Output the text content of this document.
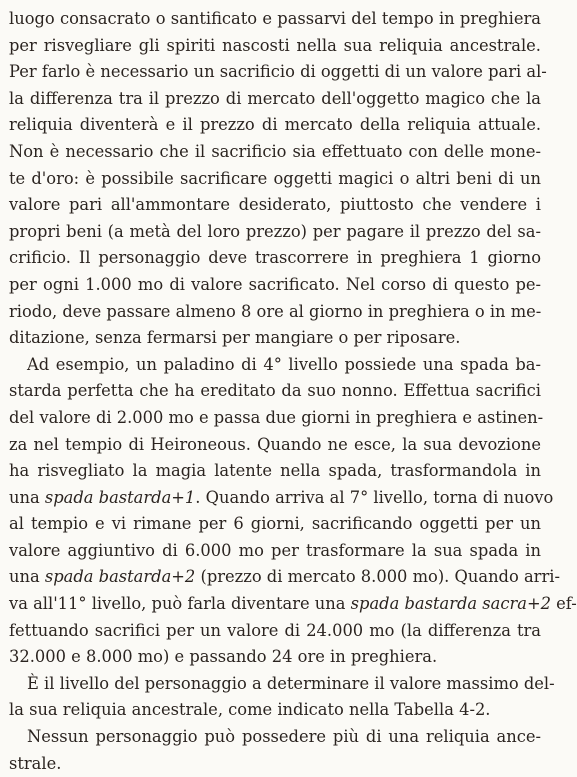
luogo consacrato o santificato e passarvi del tempo in preghiera
per risvegliare gli spiriti nascosti nella sua reliquia ancestrale.
Per farlo è necessario un sacrificio di oggetti di un valore pari al-
la differenza tra il prezzo di mercato dell'oggetto magico che la
reliquia diventerà e il prezzo di mercato della reliquia attuale.
Non è necessario che il sacrificio sia effettuato con delle mone-
te d'oro: è possibile sacrificare oggetti magici o altri beni di un
valore pari all'ammontare desiderato, piuttosto che vendere i
propri beni (a metà del loro prezzo) per pagare il prezzo del sa-
crificio. Il personaggio deve trascorrere in preghiera 1 giorno
per ogni 1.000 mo di valore sacrificato. Nel corso di questo pe-
riodo, deve passare almeno 8 ore al giorno in preghiera o in me-
ditazione, senza fermarsi per mangiare o per riposare.
Ad esempio, un paladino di 4° livello possiede una spada ba-
starda perfetta che ha ereditato da suo nonno. Effettua sacrifici
del valore di 2.000 mo e passa due giorni in preghiera e astinen-
za nel tempio di Heironeous. Quando ne esce, la sua devozione
ha risvegliato la magia latente nella spada, trasformandola in
una spada bastarda+1. Quando arriva al 7° livello, torna di nuovo
al tempio e vi rimane per 6 giorni, sacrificando oggetti per un
valore aggiuntivo di 6.000 mo per trasformare la sua spada in
una spada bastarda+2 (prezzo di mercato 8.000 mo). Quando arri-
va all'11° livello, può farla diventare una spada bastarda sacra+2 ef-
fettuando sacrifici per un valore di 24.000 mo (la differenza tra
32.000 e 8.000 mo) e passando 24 ore in preghiera.
È il livello del personaggio a determinare il valore massimo del-
la sua reliquia ancestrale, come indicato nella Tabella 4-2.
Nessun personaggio può possedere più di una reliquia ance-
strale.
